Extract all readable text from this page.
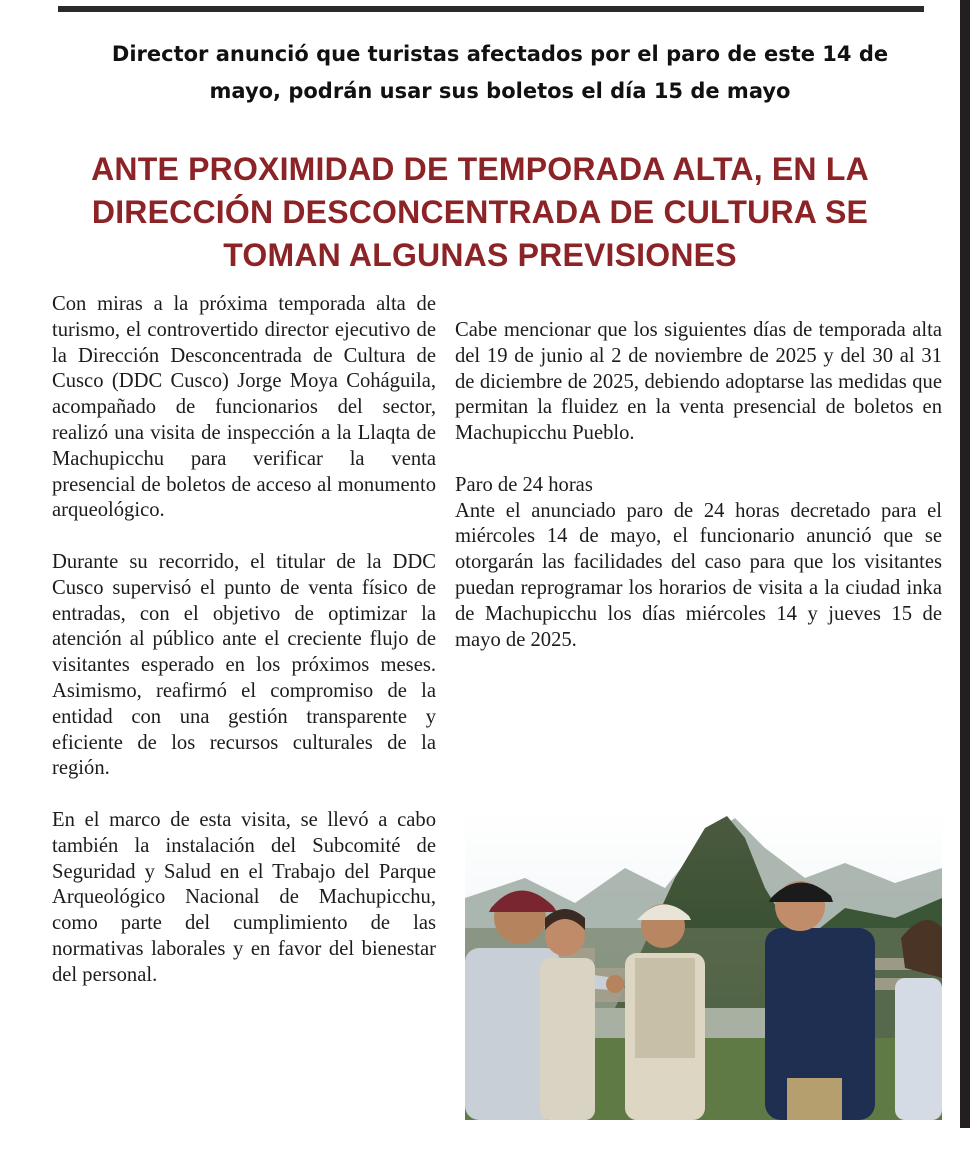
Director anunció que turistas afectados por el paro de este 14 de mayo, podrán usar sus boletos el día 15 de mayo
ANTE PROXIMIDAD DE TEMPORADA ALTA, EN LA DIRECCIÓN DESCONCENTRADA DE CULTURA SE TOMAN ALGUNAS PREVISIONES

Con miras a la próxima temporada alta de turismo, el controvertido director ejecutivo de la Dirección Desconcentrada de Cultura de Cusco (DDC Cusco) Jorge Moya Coháguila, acompañado de funcionarios del sector, realizó una visita de inspección a la Llaqta de Machupicchu para verificar la venta presencial de boletos de acceso al monumento arqueológico.

Durante su recorrido, el titular de la DDC Cusco supervisó el punto de venta físico de entradas, con el objetivo de optimizar la atención al público ante el creciente flujo de visitantes esperado en los próximos meses. Asimismo, reafirmó el compromiso de la entidad con una gestión transparente y eficiente de los recursos culturales de la región.

En el marco de esta visita, se llevó a cabo también la instalación del Subcomité de Seguridad y Salud en el Trabajo del Parque Arqueológico Nacional de Machupicchu, como parte del cumplimiento de las normativas laborales y en favor del bienestar del personal.

Cabe mencionar que los siguientes días de temporada alta del 19 de junio al 2 de noviembre de 2025 y del 30 al 31 de diciembre de 2025, debiendo adoptarse las medidas que permitan la fluidez en la venta presencial de boletos en Machupicchu Pueblo.

Paro de 24 horas

Ante el anunciado paro de 24 horas decretado para el miércoles 14 de mayo, el funcionario anunció que se otorgarán las facilidades del caso para que los visitantes puedan reprogramar los horarios de visita a la ciudad inka de Machupicchu los días miércoles 14 y jueves 15 de mayo de 2025.
